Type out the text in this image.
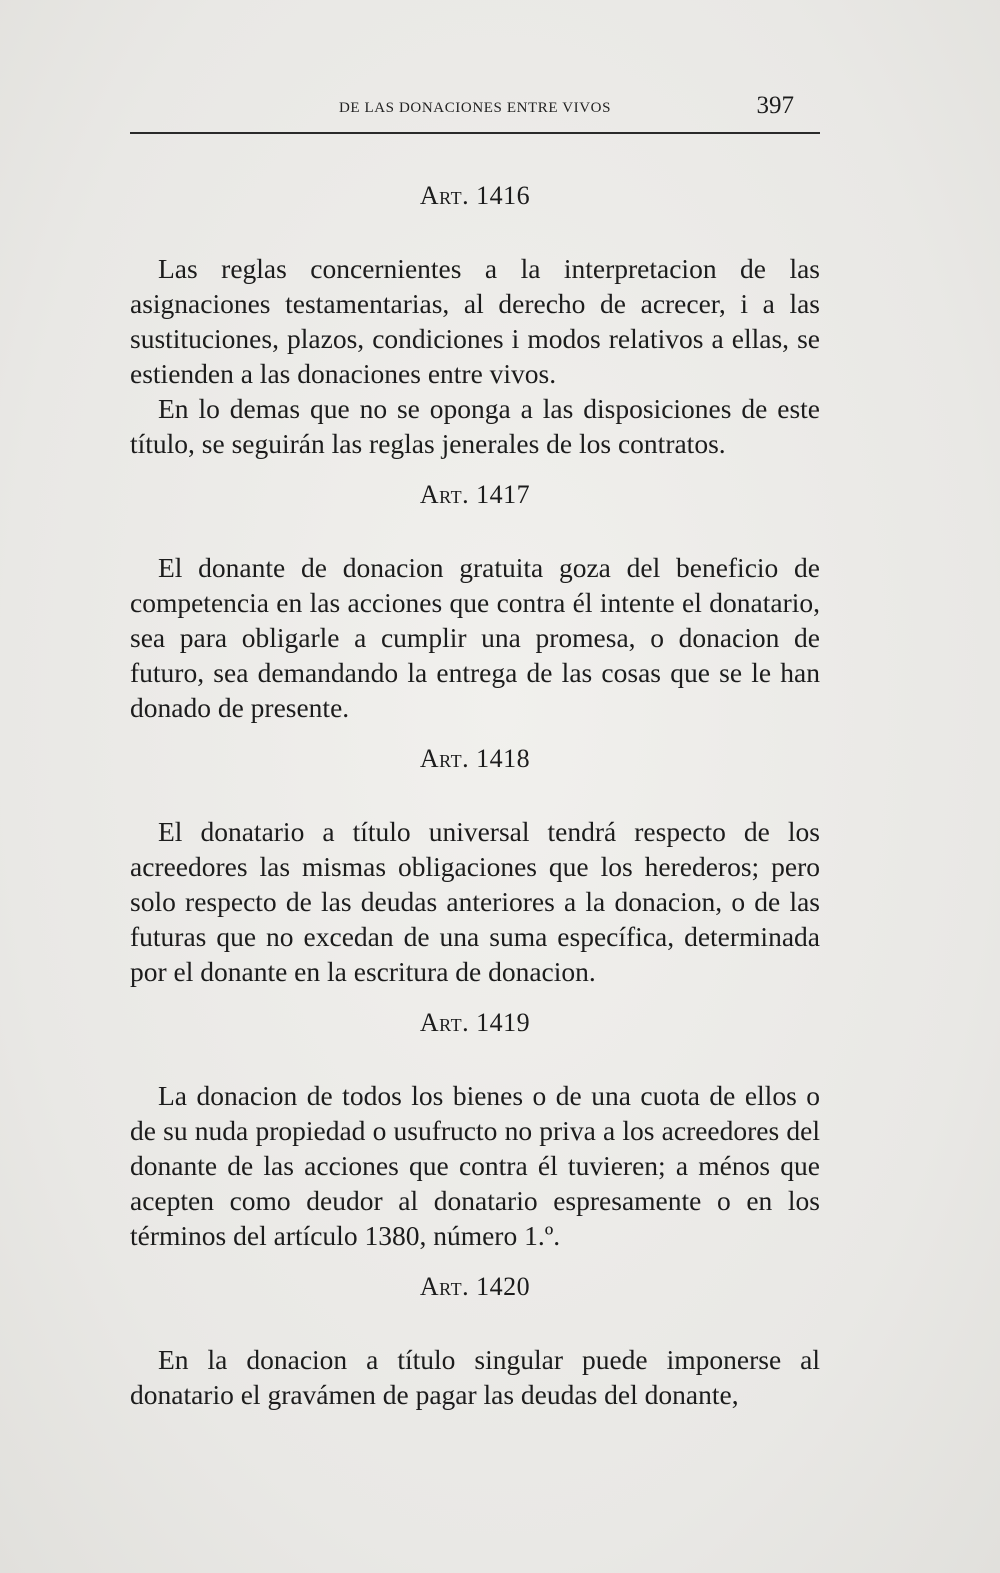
DE LAS DONACIONES ENTRE VIVOS	397
Art. 1416

Las reglas concernientes a la interpretacion de las asignaciones testamentarias, al derecho de acrecer, i a las sustituciones, plazos, condiciones i modos relativos a ellas, se estienden a las donaciones entre vivos.

En lo demas que no se oponga a las disposiciones de este título, se seguirán las reglas jenerales de los contratos.

Art. 1417

El donante de donacion gratuita goza del beneficio de competencia en las acciones que contra él intente el donatario, sea para obligarle a cumplir una promesa, o donacion de futuro, sea demandando la entrega de las cosas que se le han donado de presente.

Art. 1418

El donatario a título universal tendrá respecto de los acreedores las mismas obligaciones que los herederos; pero solo respecto de las deudas anteriores a la donacion, o de las futuras que no excedan de una suma específica, determinada por el donante en la escritura de donacion.

Art. 1419

La donacion de todos los bienes o de una cuota de ellos o de su nuda propiedad o usufructo no priva a los acreedores del donante de las acciones que contra él tuvieren; a ménos que acepten como deudor al donatario espresamente o en los términos del artículo 1380, número 1.º.

Art. 1420

En la donacion a título singular puede imponerse al donatario el gravámen de pagar las deudas del donante,
